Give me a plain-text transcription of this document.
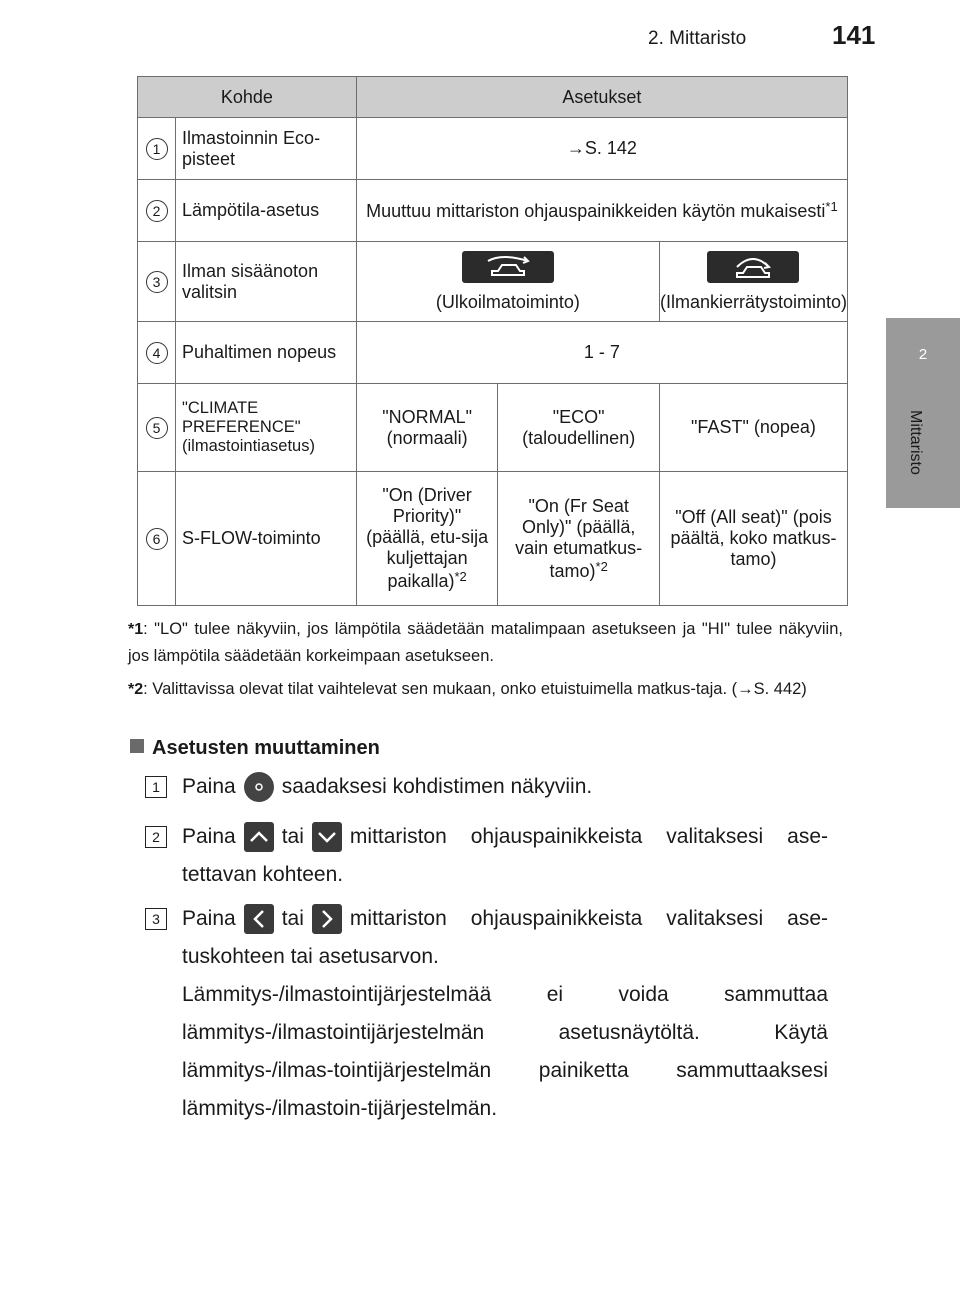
2. Mittaristo	141
2
Mittaristo
Kohde		Asetukset		
1	Ilmastoinnin Eco-pisteet	→S. 142		
2	Lämpötila-asetus	Muuttuu mittariston ohjauspainikkeiden käytön mukaisesti$^{*1}$
3	Ilman sisäänoton valitsin	(Ulkoilmatoiminto)		(Ilmankierrätystoiminto)
4	Puhaltimen nopeus	1 - 7		
5	"CLIMATE PREFERENCE" (ilmastointiasetus)	"NORMAL" (normaali)	"ECO" (taloudellinen)	"FAST" (nopea)
6	S-FLOW-toiminto	"On (Driver Priority)" (päällä, etu-sija kuljettajan paikalla)$^{*2}$	"On (Fr Seat Only)" (päällä, vain etumatkus-tamo)$^{*2}$	"Off (All seat)" (pois päältä, koko matkus-tamo)
*1: "LO" tulee näkyviin, jos lämpötila säädetään matalimpaan asetukseen ja "HI" tulee näkyviin, jos lämpötila säädetään korkeimpaan asetukseen.
*2: Valittavissa olevat tilat vaihtelevat sen mukaan, onko etuistuimella matkus-taja. (→S. 442)
Asetusten muuttaminen
1	Paina saadaksesi kohdistimen näkyviin.
2	Paina tai mittariston ohjauspainikkeista valitaksesi ase-tettavan kohteen.
3	Paina tai mittariston ohjauspainikkeista valitaksesi ase-tuskohteen tai asetusarvon.
Lämmitys-/ilmastointijärjestelmää ei voida sammuttaa lämmitys-/ilmastointijärjestelmän asetusnäytöltä. Käytä lämmitys-/ilmas-tointijärjestelmän painiketta sammuttaaksesi lämmitys-/ilmastoin-tijärjestelmän.
